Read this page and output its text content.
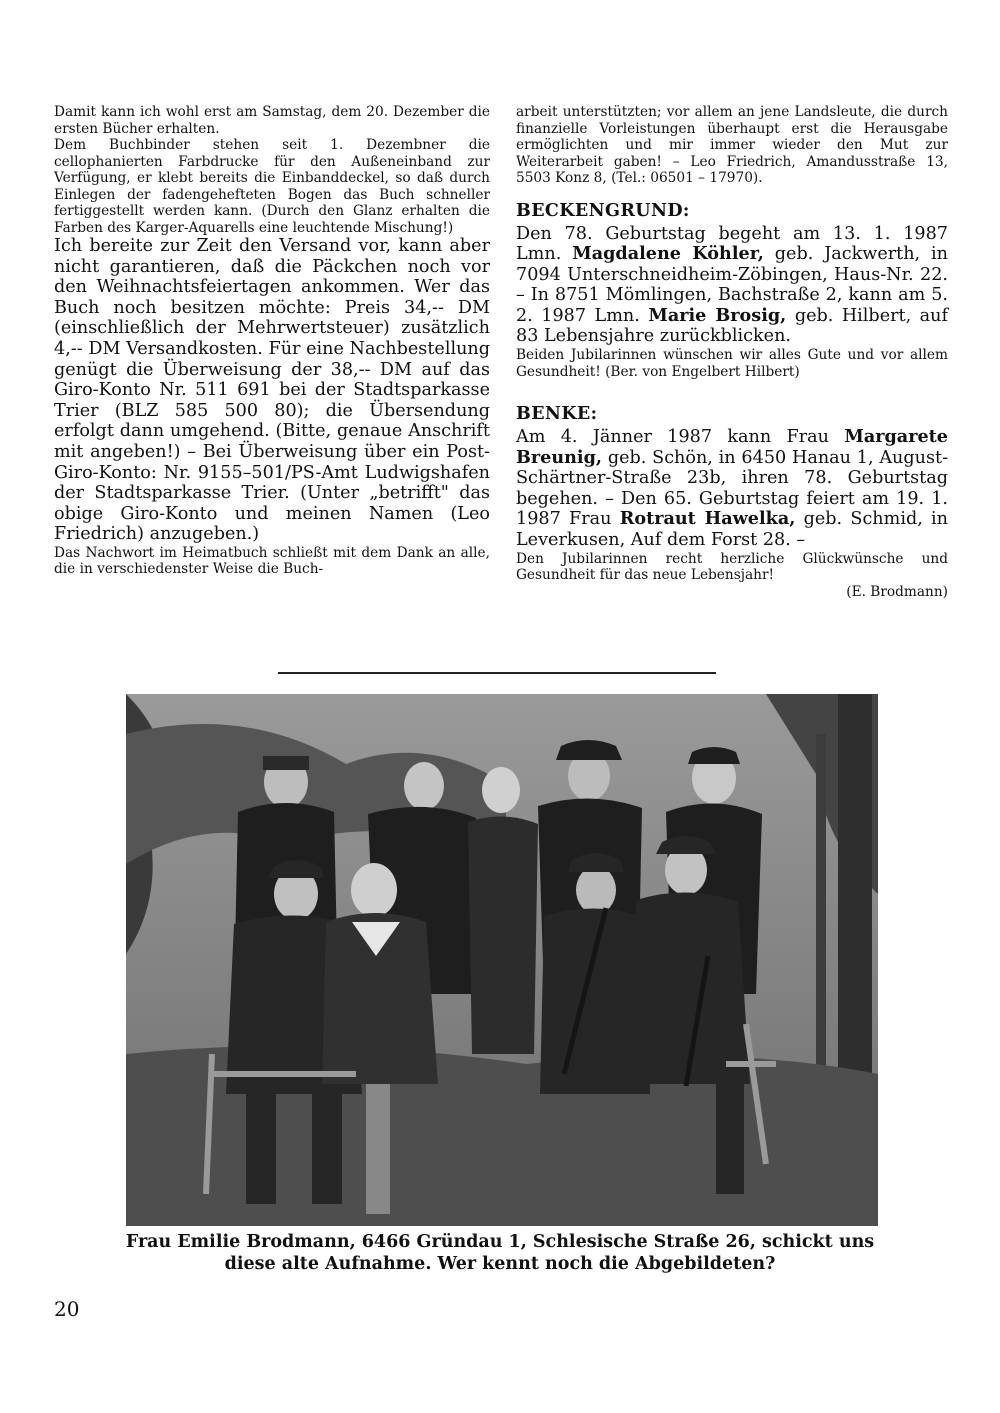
Damit kann ich wohl erst am Samstag, dem 20. Dezember die ersten Bücher erhalten.

Dem Buchbinder stehen seit 1. Dezembner die cellophanierten Farbdrucke für den Außeneinband zur Verfügung, er klebt bereits die Einbanddeckel, so daß durch Einlegen der fadengehefteten Bogen das Buch schneller fertiggestellt werden kann. (Durch den Glanz erhalten die Farben des Karger-Aquarells eine leuchtende Mischung!)

Ich bereite zur Zeit den Versand vor, kann aber nicht garantieren, daß die Päckchen noch vor den Weihnachtsfeiertagen ankommen. Wer das Buch noch besitzen möchte: Preis 34,-- DM (einschließlich der Mehrwertsteuer) zusätzlich 4,-- DM Versandkosten. Für eine Nachbestellung genügt die Überweisung der 38,-- DM auf das Giro-Konto Nr. 511 691 bei der Stadtsparkasse Trier (BLZ 585 500 80); die Übersendung erfolgt dann umgehend. (Bitte, genaue Anschrift mit angeben!) – Bei Überweisung über ein Post-Giro-Konto: Nr. 9155–501/PS-Amt Ludwigshafen der Stadtsparkasse Trier. (Unter „betrifft" das obige Giro-Konto und meinen Namen (Leo Friedrich) anzugeben.)

Das Nachwort im Heimatbuch schließt mit dem Dank an alle, die in verschiedenster Weise die Buch-

arbeit unterstützten; vor allem an jene Landsleute, die durch finanzielle Vorleistungen überhaupt erst die Herausgabe ermöglichten und mir immer wieder den Mut zur Weiterarbeit gaben! – Leo Friedrich, Amandusstraße 13, 5503 Konz 8, (Tel.: 06501 – 17970).

BECKENGRUND:

Den 78. Geburtstag begeht am 13. 1. 1987 Lmn. Magdalene Köhler, geb. Jackwerth, in 7094 Unterschneidheim-Zöbingen, Haus-Nr. 22. – In 8751 Mömlingen, Bachstraße 2, kann am 5. 2. 1987 Lmn. Marie Brosig, geb. Hilbert, auf 83 Lebensjahre zurückblicken.

Beiden Jubilarinnen wünschen wir alles Gute und vor allem Gesundheit! (Ber. von Engelbert Hilbert)

BENKE:

Am 4. Jänner 1987 kann Frau Margarete Breunig, geb. Schön, in 6450 Hanau 1, August-Schärtner-Straße 23b, ihren 78. Geburtstag begehen. – Den 65. Geburtstag feiert am 19. 1. 1987 Frau Rotraut Hawelka, geb. Schmid, in Leverkusen, Auf dem Forst 28. –

Den Jubilarinnen recht herzliche Glückwünsche und Gesundheit für das neue Lebensjahr!

(E. Brodmann)
Frau Emilie Brodmann, 6466 Gründau 1, Schlesische Straße 26, schickt uns diese alte Aufnahme. Wer kennt noch die Abgebildeten?
20
